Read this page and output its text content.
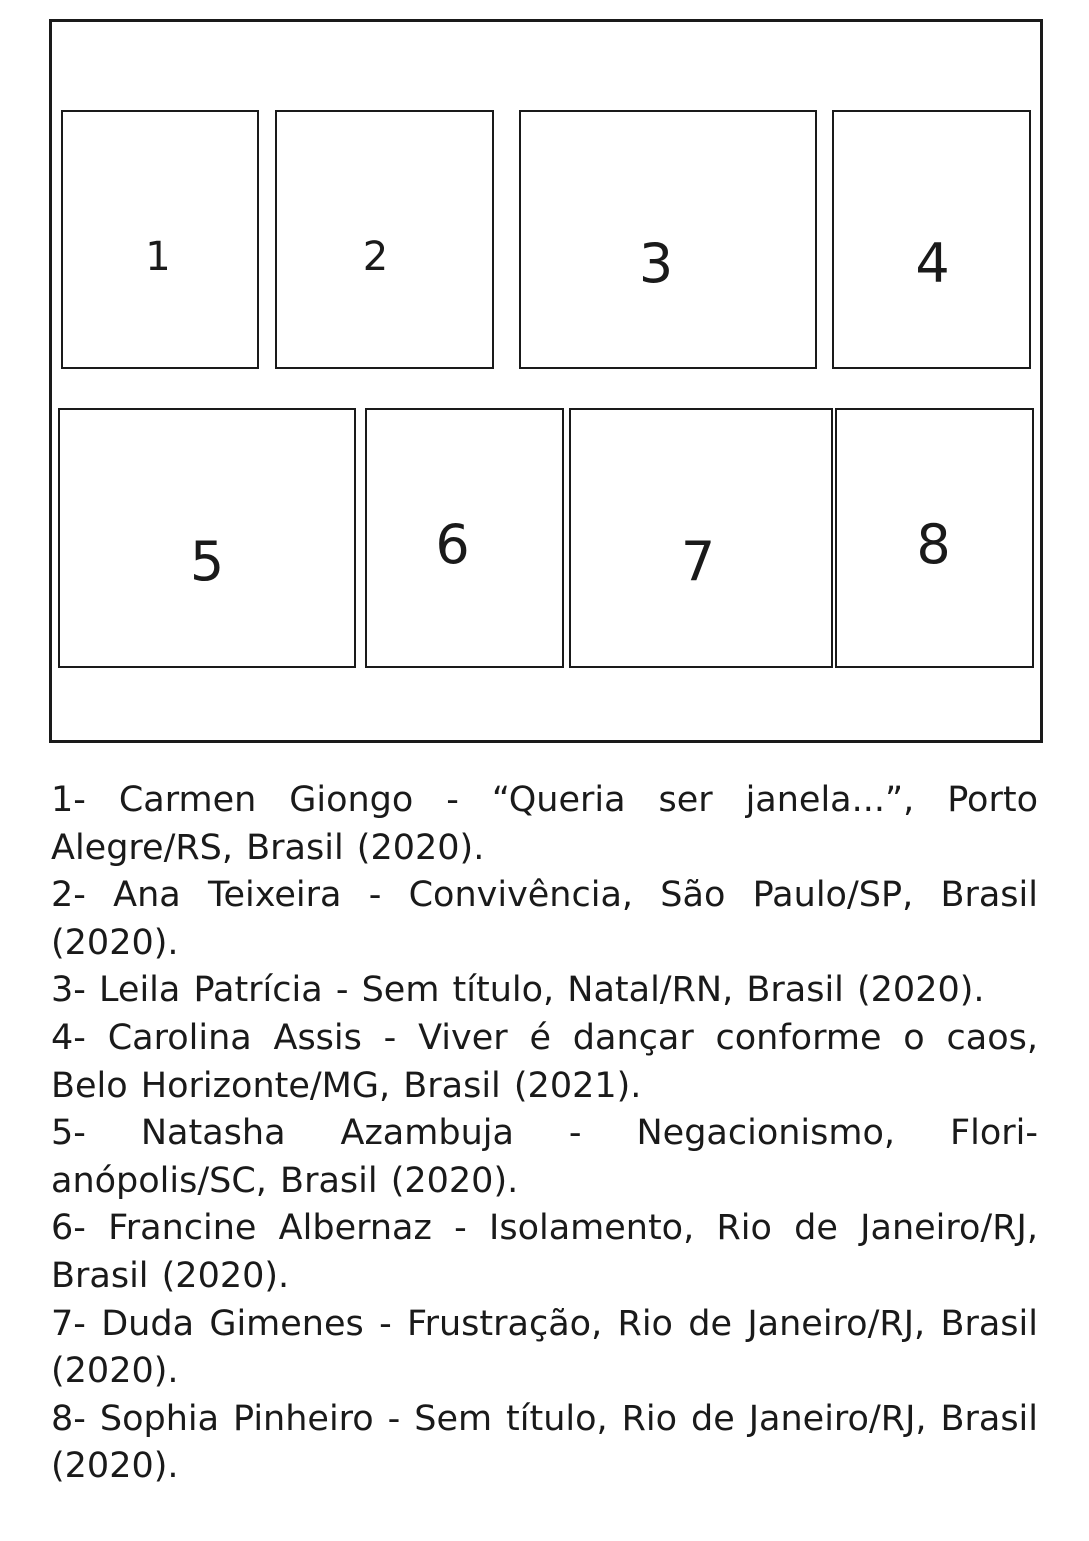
1	2	3	4
5	6	7	8

1- Carmen Giongo - “Queria ser janela...”, Porto Alegre/RS, Brasil (2020).

2- Ana Teixeira - Convivência, São Paulo/SP, Brasil (2020).

3- Leila Patrícia - Sem título, Natal/RN, Brasil (2020).

4- Carolina Assis - Viver é dançar conforme o caos, Belo Horizonte/MG, Brasil (2021).

5- Natasha Azambuja - Negacionismo, Flori-anópolis/SC, Brasil (2020).

6- Francine Albernaz - Isolamento, Rio de Janeiro/RJ, Brasil (2020).

7- Duda Gimenes - Frustração, Rio de Janeiro/RJ, Brasil (2020).

8- Sophia Pinheiro - Sem título, Rio de Janeiro/RJ, Brasil (2020).
